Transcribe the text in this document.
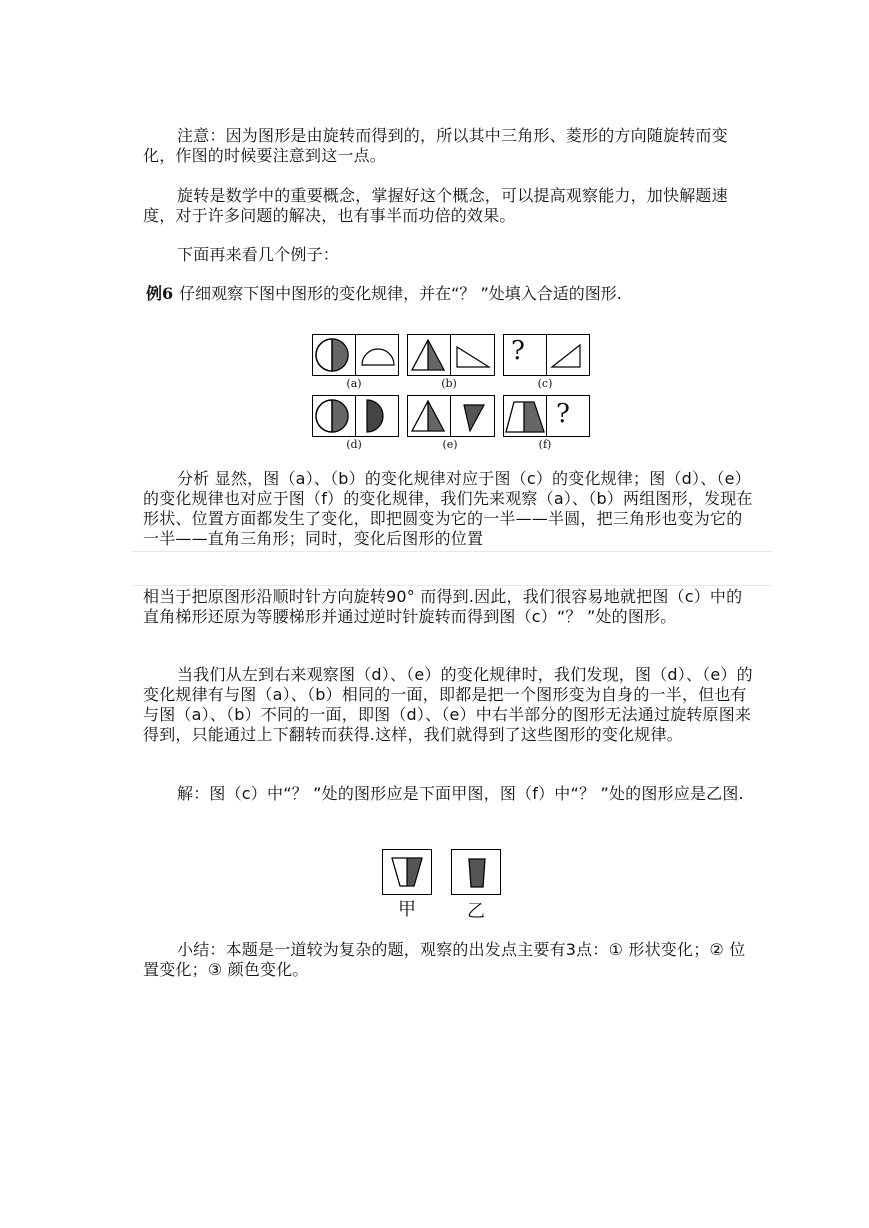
注意：因为图形是由旋转而得到的，所以其中三角形、菱形的方向随旋转而变化，作图的时候要注意到这一点。

旋转是数学中的重要概念，掌握好这个概念，可以提高观察能力，加快解题速度，对于许多问题的解决，也有事半而功倍的效果。

下面再来看几个例子：

例6 仔细观察下图中图形的变化规律，并在“？ ”处填入合适的图形.

?
(a)	(b)	(c)
?
(d)	(e)	(f)

分析 显然，图（a）、（b）的变化规律对应于图（c）的变化规律；图（d）、（e）的变化规律也对应于图（f）的变化规律，我们先来观察（a）、（b）两组图形，发现在形状、位置方面都发生了变化，即把圆变为它的一半——半圆，把三角形也变为它的一半——直角三角形；同时，变化后图形的位置

相当于把原图形沿顺时针方向旋转90° 而得到.因此，我们很容易地就把图（c）中的直角梯形还原为等腰梯形并通过逆时针旋转而得到图（c）“？ ”处的图形。

当我们从左到右来观察图（d）、（e）的变化规律时，我们发现，图（d）、（e）的变化规律有与图（a）、（b）相同的一面，即都是把一个图形变为自身的一半，但也有与图（a）、（b）不同的一面，即图（d）、（e）中右半部分的图形无法通过旋转原图来得到，只能通过上下翻转而获得.这样，我们就得到了这些图形的变化规律。

解：图（c）中“？ ”处的图形应是下面甲图，图（f）中“？ ”处的图形应是乙图.

甲	乙

小结：本题是一道较为复杂的题，观察的出发点主要有3点：① 形状变化；② 位置变化；③ 颜色变化。
